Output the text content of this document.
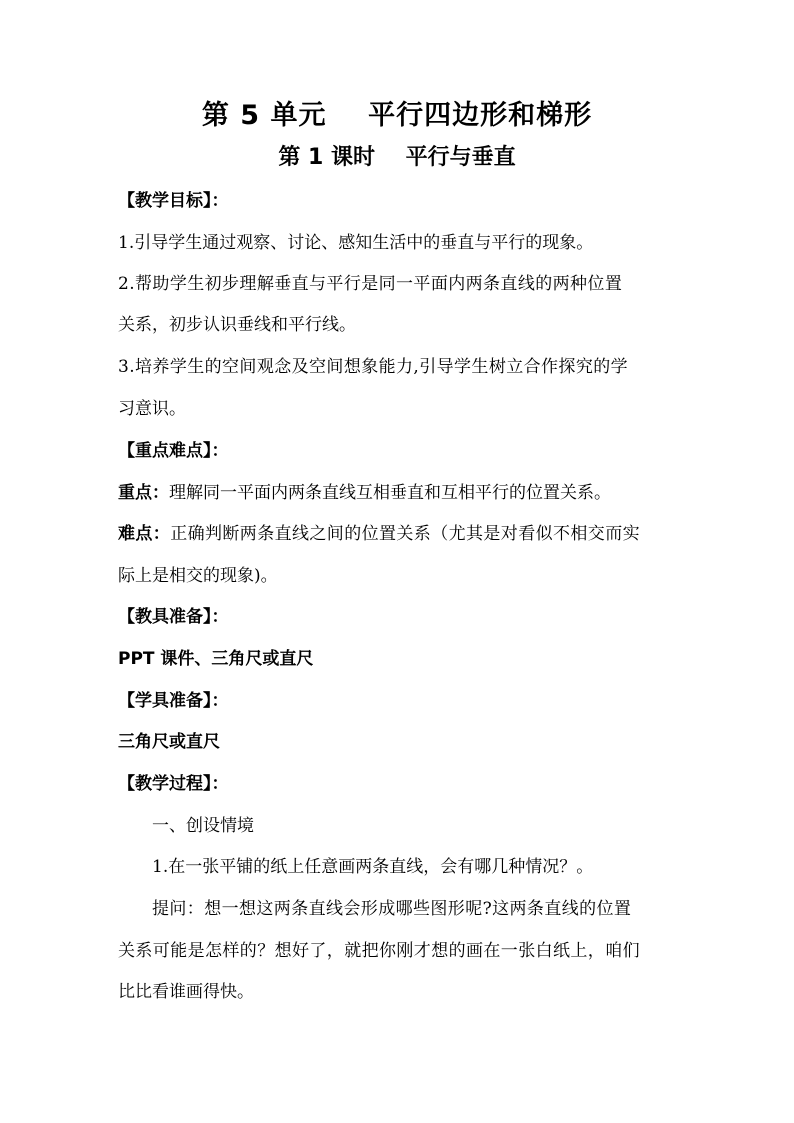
第 5 单元    平行四边形和梯形
第 1 课时    平行与垂直
【教学目标】：
1.引导学生通过观察、讨论、感知生活中的垂直与平行的现象。
2.帮助学生初步理解垂直与平行是同一平面内两条直线的两种位置
关系，初步认识垂线和平行线。
3.培养学生的空间观念及空间想象能力,引导学生树立合作探究的学
习意识。
【重点难点】：
重点：理解同一平面内两条直线互相垂直和互相平行的位置关系。
难点：正确判断两条直线之间的位置关系（尤其是对看似不相交而实
际上是相交的现象)。
【教具准备】：
PPT 课件、三角尺或直尺
【学具准备】：
三角尺或直尺
【教学过程】：
一、创设情境
1.在一张平铺的纸上任意画两条直线，会有哪几种情况？。
提问：想一想这两条直线会形成哪些图形呢?这两条直线的位置
关系可能是怎样的？想好了，就把你刚才想的画在一张白纸上，咱们
比比看谁画得快。
